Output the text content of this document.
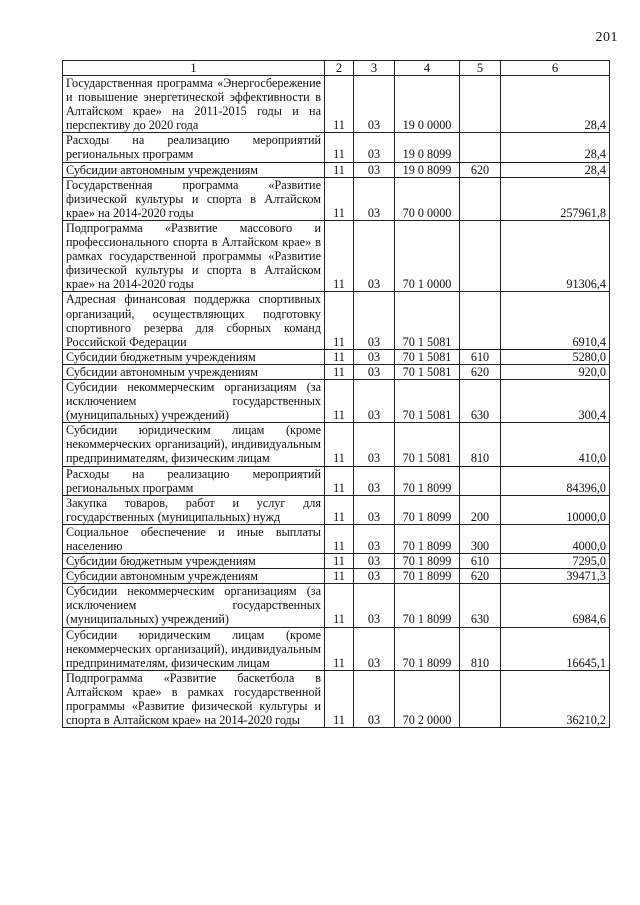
201
1	2	3	4	5	6
Государственная программа «Энергосбережение и повышение энергетической эффективности в Алтайском крае» на 2011-2015 годы и на перспективу до 2020 года	11	03	19 0 0000		28,4
Расходы на реализацию мероприятий региональных программ	11	03	19 0 8099		28,4
Субсидии автономным учреждениям	11	03	19 0 8099	620	28,4
Государственная программа «Развитие физической культуры и спорта в Алтайском крае» на 2014-2020 годы	11	03	70 0 0000		257961,8
Подпрограмма «Развитие массового и профессионального спорта в Алтайском крае» в рамках государственной программы «Развитие физической культуры и спорта в Алтайском крае» на 2014-2020 годы	11	03	70 1 0000		91306,4
Адресная финансовая поддержка спортивных организаций, осуществляющих подготовку спортивного резерва для сборных команд Российской Федерации	11	03	70 1 5081		6910,4
Субсидии бюджетным учреждениям	11	03	70 1 5081	610	5280,0
Субсидии автономным учреждениям	11	03	70 1 5081	620	920,0
Субсидии некоммерческим организациям (за исключением государственных (муниципальных) учреждений)	11	03	70 1 5081	630	300,4
Субсидии юридическим лицам (кроме некоммерческих организаций), индивидуальным предпринимателям, физическим лицам	11	03	70 1 5081	810	410,0
Расходы на реализацию мероприятий региональных программ	11	03	70 1 8099		84396,0
Закупка товаров, работ и услуг для государственных (муниципальных) нужд	11	03	70 1 8099	200	10000,0
Социальное обеспечение и иные выплаты населению	11	03	70 1 8099	300	4000,0
Субсидии бюджетным учреждениям	11	03	70 1 8099	610	7295,0
Субсидии автономным учреждениям	11	03	70 1 8099	620	39471,3
Субсидии некоммерческим организациям (за исключением государственных (муниципальных) учреждений)	11	03	70 1 8099	630	6984,6
Субсидии юридическим лицам (кроме некоммерческих организаций), индивидуальным предпринимателям, физическим лицам	11	03	70 1 8099	810	16645,1
Подпрограмма «Развитие баскетбола в Алтайском крае» в рамках государственной программы «Развитие физической культуры и спорта в Алтайском крае» на 2014-2020 годы	11	03	70 2 0000		36210,2
